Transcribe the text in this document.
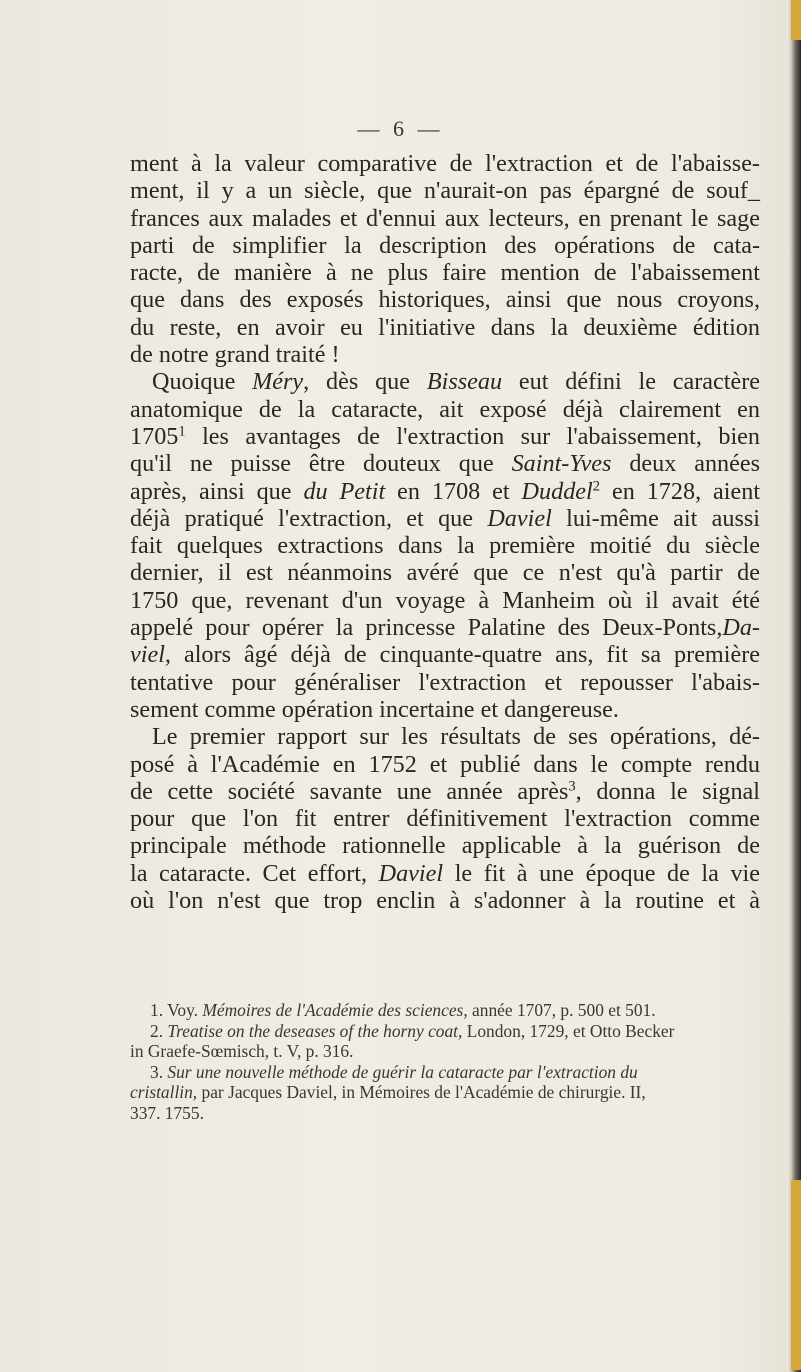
— 6 —
ment à la valeur comparative de l'extraction et de l'abaisse-
ment, il y a un siècle, que n'aurait-on pas épargné de souf_
frances aux malades et d'ennui aux lecteurs, en prenant le sage
parti de simplifier la description des opérations de cata-
racte, de manière à ne plus faire mention de l'abaissement
que dans des exposés historiques, ainsi que nous croyons,
du reste, en avoir eu l'initiative dans la deuxième édition
de notre grand traité !
Quoique Méry, dès que Bisseau eut défini le caractère
anatomique de la cataracte, ait exposé déjà clairement en
1705$^1$ les avantages de l'extraction sur l'abaissement, bien
qu'il ne puisse être douteux que Saint-Yves deux années
après, ainsi que du Petit en 1708 et Duddel$^2$ en 1728, aient
déjà pratiqué l'extraction, et que Daviel lui-même ait aussi
fait quelques extractions dans la première moitié du siècle
dernier, il est néanmoins avéré que ce n'est qu'à partir de
1750 que, revenant d'un voyage à Manheim où il avait été
appelé pour opérer la princesse Palatine des Deux-Ponts,Da-
viel, alors âgé déjà de cinquante-quatre ans, fit sa première
tentative pour généraliser l'extraction et repousser l'abais-
sement comme opération incertaine et dangereuse.
Le premier rapport sur les résultats de ses opérations, dé-
posé à l'Académie en 1752 et publié dans le compte rendu
de cette société savante une année après$^3$, donna le signal
pour que l'on fit entrer définitivement l'extraction comme
principale méthode rationnelle applicable à la guérison de
la cataracte. Cet effort, Daviel le fit à une époque de la vie
où l'on n'est que trop enclin à s'adonner à la routine et à
1. Voy. Mémoires de l'Académie des sciences, année 1707, p. 500 et 501.
2. Treatise on the deseases of the horny coat, London, 1729, et Otto Becker
in Graefe-Sœmisch, t. V, p. 316.
3. Sur une nouvelle méthode de guérir la cataracte par l'extraction du
cristallin, par Jacques Daviel, in Mémoires de l'Académie de chirurgie. II,
337. 1755.
